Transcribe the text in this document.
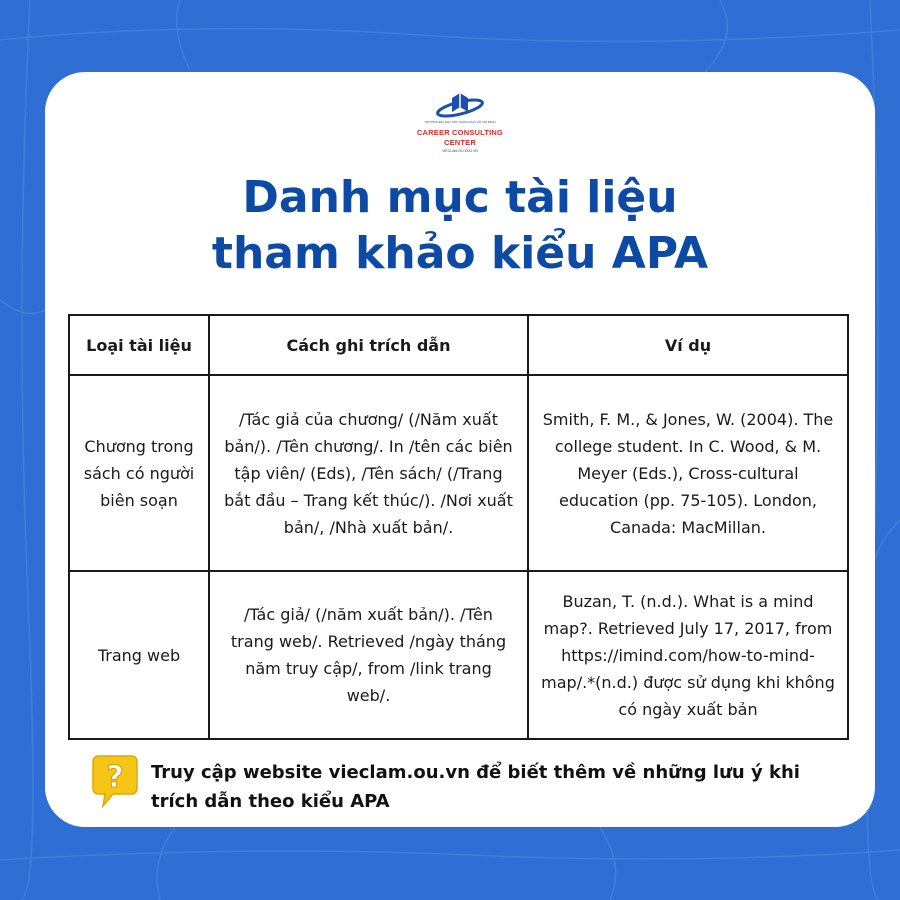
TRƯỜNG ĐẠI HỌC MỞ THÀNH PHỐ HỒ CHÍ MINH
CAREER CONSULTING CENTER
VIECLAM.OU.EDU.VN
Danh mục tài liệu
tham khảo kiểu APA
Loại tài liệu	Cách ghi trích dẫn	Ví dụ
Chương trong sách có người biên soạn	/Tác giả của chương/ (/Năm xuất bản/). /Tên chương/. In /tên các biên tập viên/ (Eds), /Tên sách/ (/Trang bắt đầu – Trang kết thúc/). /Nơi xuất bản/, /Nhà xuất bản/.	Smith, F. M., & Jones, W. (2004). The college student. In C. Wood, & M. Meyer (Eds.), Cross-cultural education (pp. 75-105). London, Canada: MacMillan.
Trang web	/Tác giả/ (/năm xuất bản/). /Tên trang web/. Retrieved /ngày tháng năm truy cập/, from /link trang web/.	Buzan, T. (n.d.). What is a mind map?. Retrieved July 17, 2017, from https://imind.com/how-to-mind-map/.*(n.d.) được sử dụng khi không có ngày xuất bản
? Truy cập website vieclam.ou.vn để biết thêm về những lưu ý khi trích dẫn theo kiểu APA
